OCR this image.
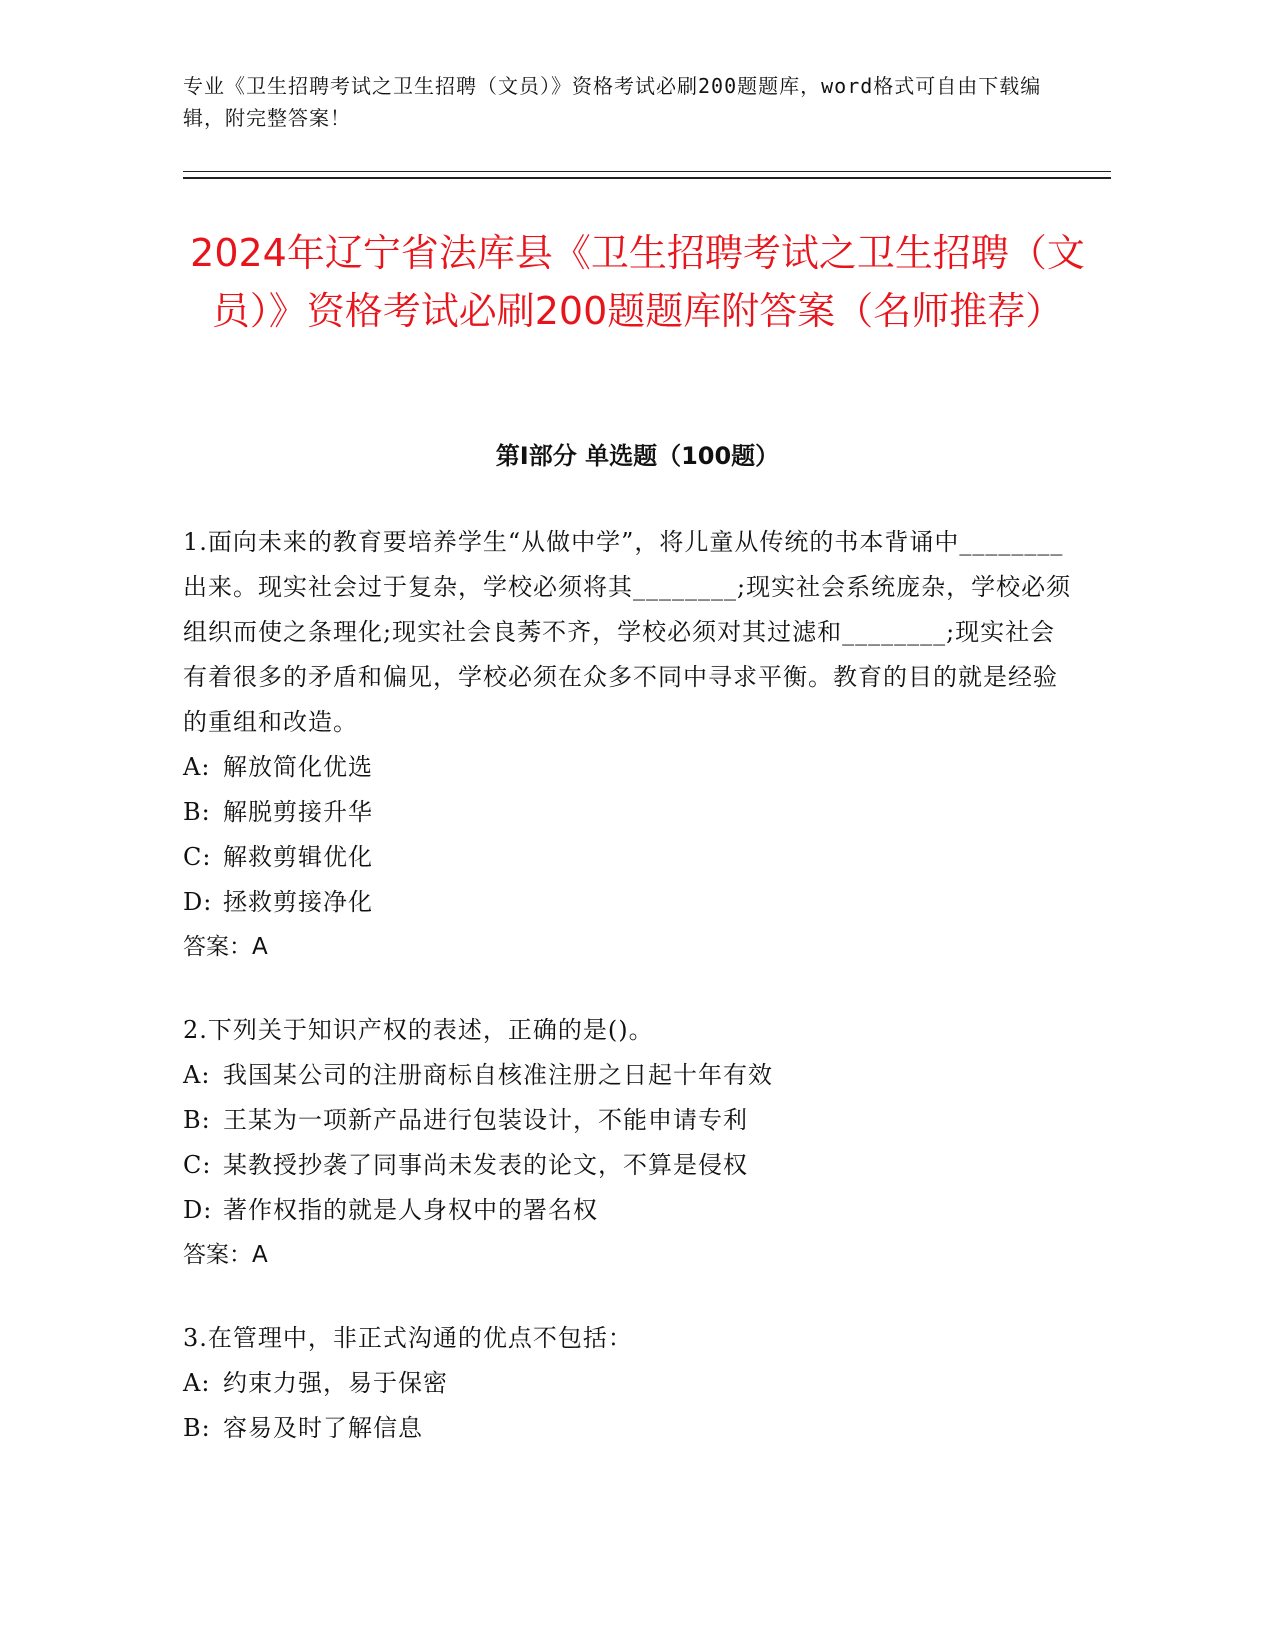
专业《卫生招聘考试之卫生招聘（文员）》资格考试必刷200题题库，word格式可自由下载编辑，附完整答案！
2024年辽宁省法库县《卫生招聘考试之卫生招聘（文员）》资格考试必刷200题题库附答案（名师推荐）
第Ⅰ部分 单选题（100题）

1.面向未来的教育要培养学生“从做中学”，将儿童从传统的书本背诵中________出来。现实社会过于复杂，学校必须将其________;现实社会系统庞杂，学校必须组织而使之条理化;现实社会良莠不齐，学校必须对其过滤和________;现实社会有着很多的矛盾和偏见，学校必须在众多不同中寻求平衡。教育的目的就是经验的重组和改造。

A: 解放简化优选

B: 解脱剪接升华

C: 解救剪辑优化

D: 拯救剪接净化

答案：A

2.下列关于知识产权的表述，正确的是()。

A: 我国某公司的注册商标自核准注册之日起十年有效

B: 王某为一项新产品进行包装设计，不能申请专利

C: 某教授抄袭了同事尚未发表的论文，不算是侵权

D: 著作权指的就是人身权中的署名权

答案：A

3.在管理中，非正式沟通的优点不包括：

A: 约束力强，易于保密

B: 容易及时了解信息
